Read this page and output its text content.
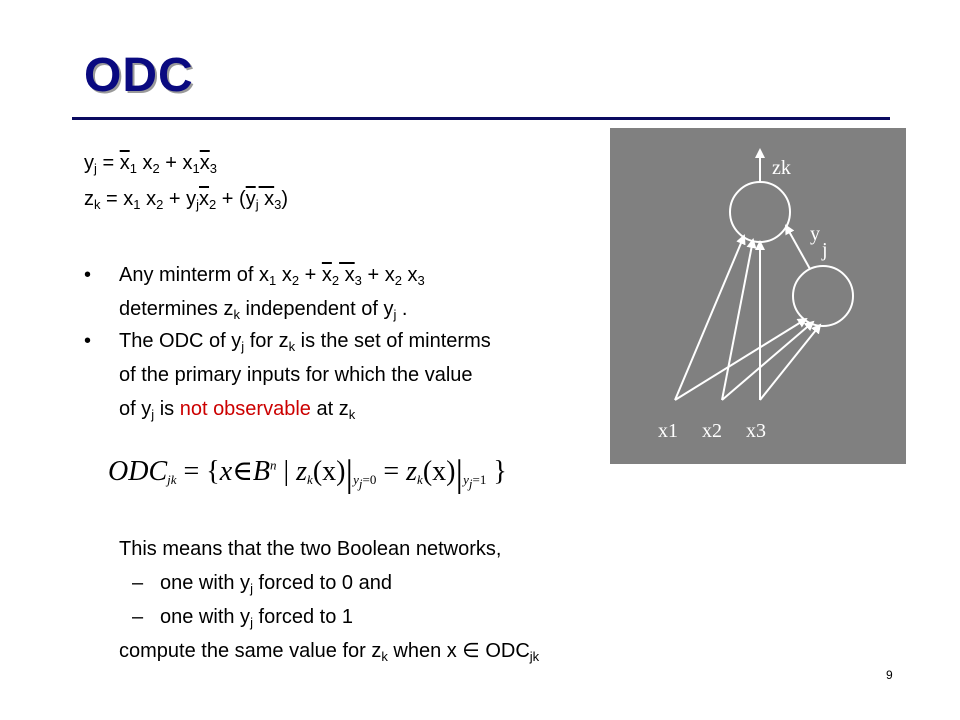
ODC
$y_j = \overline{x}_1$ $x_2 + x_1\overline{x}_3$
$z_k = x_1$ $x_2 + y_j\overline{x}_2 + (\overline{y}_j$ $x_3$)
• Any minterm of $x_1$ $x_2 + \overline{x}_2$ $x_3 + x_2$ $x_3$
determines $z_k$ independent of $y_j$ .
• The ODC of $y_j$ for $z_k$ is the set of minterms
of the primary inputs for which the value
of $y_j$ is not observable at $z_k$
zk
y
j
x1 x2 x3
$ODC_{jk}$ = {$x\in B^n$ | $z_k(x)|_{y_j=0} = z_k(x)|_{y_j=1}$ }
This means that the two Boolean networks,
– one with $y_j$ forced to 0 and
– one with $y_j$ forced to 1
compute the same value for $z_k$ when x ∈ $ODC_{jk}$
9
